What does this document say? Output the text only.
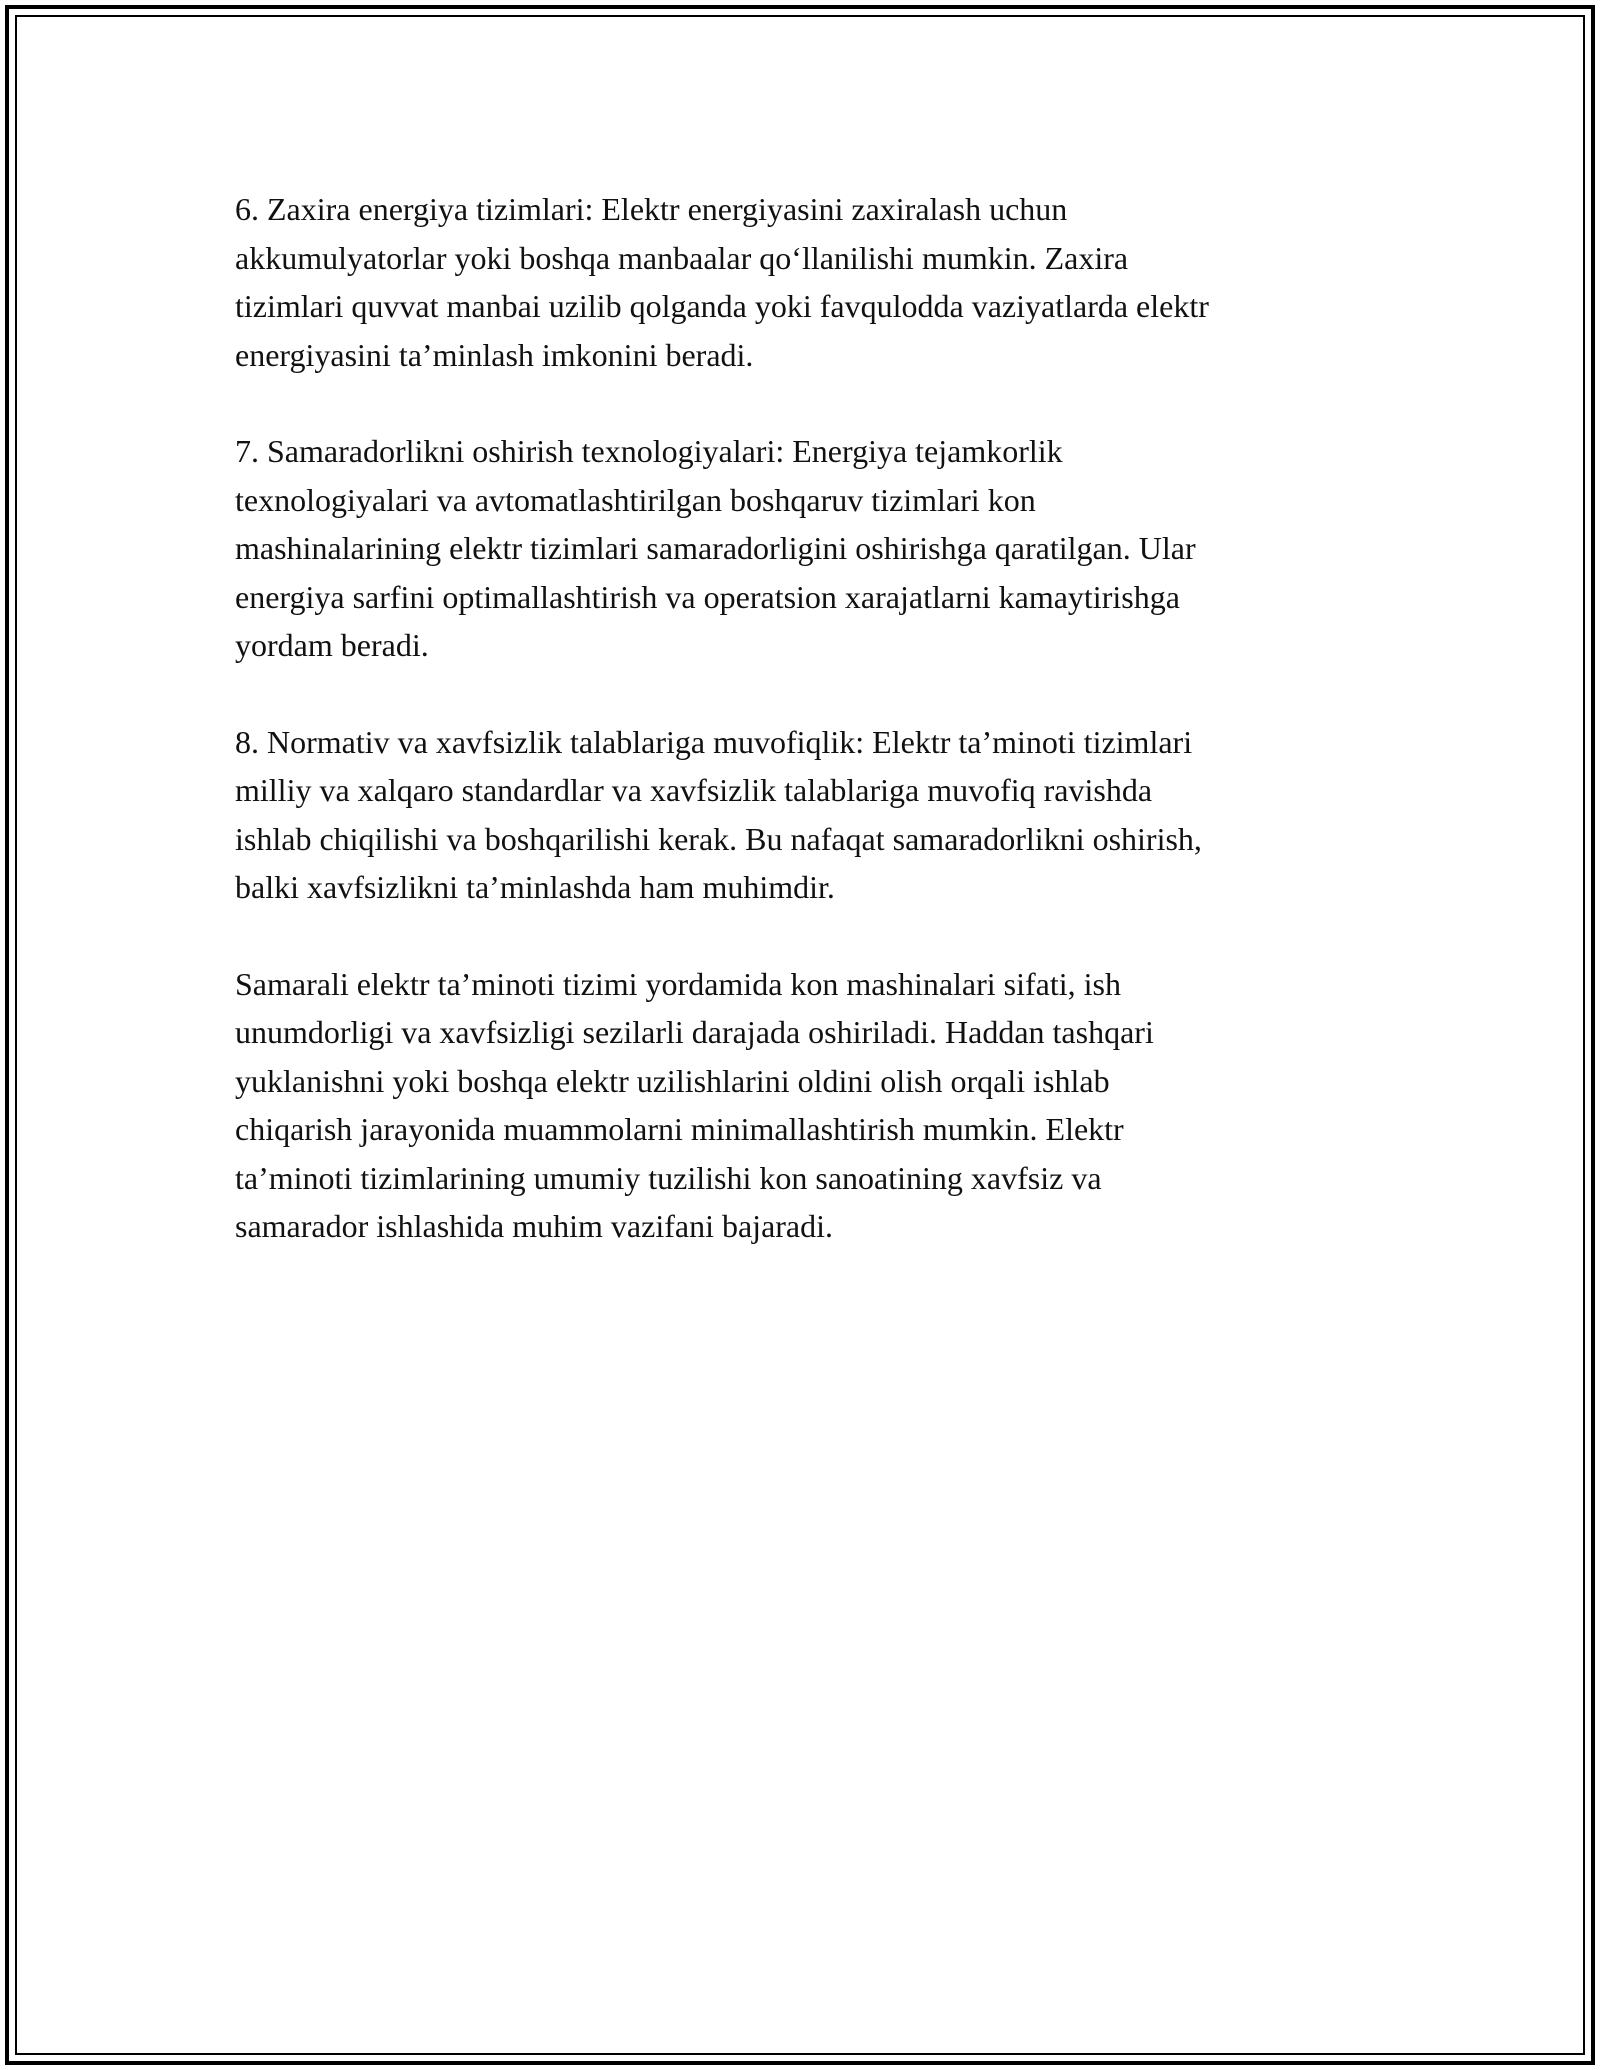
6. Zaxira energiya tizimlari: Elektr energiyasini zaxiralash uchun
akkumulyatorlar yoki boshqa manbaalar qo‘llanilishi mumkin. Zaxira
tizimlari quvvat manbai uzilib qolganda yoki favqulodda vaziyatlarda elektr
energiyasini ta’minlash imkonini beradi.

7. Samaradorlikni oshirish texnologiyalari: Energiya tejamkorlik
texnologiyalari va avtomatlashtirilgan boshqaruv tizimlari kon
mashinalarining elektr tizimlari samaradorligini oshirishga qaratilgan. Ular
energiya sarfini optimallashtirish va operatsion xarajatlarni kamaytirishga
yordam beradi.

8. Normativ va xavfsizlik talablariga muvofiqlik: Elektr ta’minoti tizimlari
milliy va xalqaro standardlar va xavfsizlik talablariga muvofiq ravishda
ishlab chiqilishi va boshqarilishi kerak. Bu nafaqat samaradorlikni oshirish,
balki xavfsizlikni ta’minlashda ham muhimdir.

Samarali elektr ta’minoti tizimi yordamida kon mashinalari sifati, ish
unumdorligi va xavfsizligi sezilarli darajada oshiriladi. Haddan tashqari
yuklanishni yoki boshqa elektr uzilishlarini oldini olish orqali ishlab
chiqarish jarayonida muammolarni minimallashtirish mumkin. Elektr
ta’minoti tizimlarining umumiy tuzilishi kon sanoatining xavfsiz va
samarador ishlashida muhim vazifani bajaradi.
